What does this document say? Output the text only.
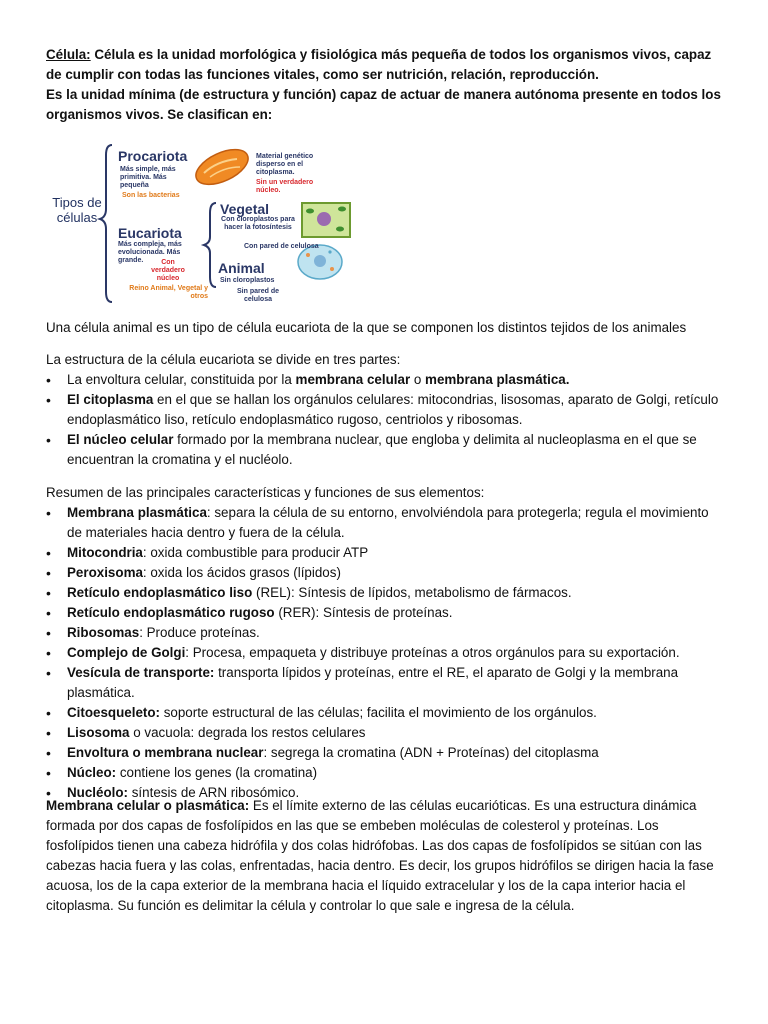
Célula: Célula es la unidad morfológica y fisiológica más pequeña de todos los organismos vivos, capaz de cumplir con todas las funciones vitales, como ser nutrición, relación, reproducción.
Es la unidad mínima (de estructura y función) capaz de actuar de manera autónoma presente en todos los organismos vivos. Se clasifican en:
Tipos de células
Procariota
Más simple, más primitiva. Más pequeña
Son las bacterias
Material genético disperso en el citoplasma.
Sin un verdadero núcleo.
Eucariota
Más compleja, más evolucionada. Más grande.	Con verdadero núcleo
Reino Animal, Vegetal y otros
Vegetal
Con cloroplastos para hacer la fotosíntesis
Con pared de celulosa
Animal
Sin cloroplastos
Sin pared de celulosa

Una célula animal es un tipo de célula eucariota de la que se componen los distintos tejidos de los animales

La estructura de la célula eucariota se divide en tres partes:

• La envoltura celular, constituida por la membrana celular o membrana plasmática.
• El citoplasma en el que se hallan los orgánulos celulares: mitocondrias, lisosomas, aparato de Golgi, retículo endoplasmático liso, retículo endoplasmático rugoso, centriolos y ribosomas.
• El núcleo celular formado por la membrana nuclear, que engloba y delimita al nucleoplasma en el que se encuentran la cromatina y el nucléolo.

Resumen de las principales características y funciones de sus elementos:

• Membrana plasmática: separa la célula de su entorno, envolviéndola para protegerla; regula el movimiento de materiales hacia dentro y fuera de la célula.
• Mitocondria: oxida combustible para producir ATP
• Peroxisoma: oxida los ácidos grasos (lípidos)
• Retículo endoplasmático liso (REL): Síntesis de lípidos, metabolismo de fármacos.
• Retículo endoplasmático rugoso (RER): Síntesis de proteínas.
• Ribosomas: Produce proteínas.
• Complejo de Golgi: Procesa, empaqueta y distribuye proteínas a otros orgánulos para su exportación.
• Vesícula de transporte: transporta lípidos y proteínas, entre el RE, el aparato de Golgi y la membrana plasmática.
• Citoesqueleto: soporte estructural de las células; facilita el movimiento de los orgánulos.
• Lisosoma o vacuola: degrada los restos celulares
• Envoltura o membrana nuclear: segrega la cromatina (ADN + Proteínas) del citoplasma
• Núcleo: contiene los genes (la cromatina)
• Nucléolo: síntesis de ARN ribosómico.

Membrana celular o plasmática: Es el límite externo de las células eucarióticas. Es una estructura dinámica formada por dos capas de fosfolípidos en las que se embeben moléculas de colesterol y proteínas. Los fosfolípidos tienen una cabeza hidrófila y dos colas hidrófobas. Las dos capas de fosfolípidos se sitúan con las cabezas hacia fuera y las colas, enfrentadas, hacia dentro. Es decir, los grupos hidrófilos se dirigen hacia la fase acuosa, los de la capa exterior de la membrana hacia el líquido extracelular y los de la capa interior hacia el citoplasma. Su función es delimitar la célula y controlar lo que sale e ingresa de la célula.
